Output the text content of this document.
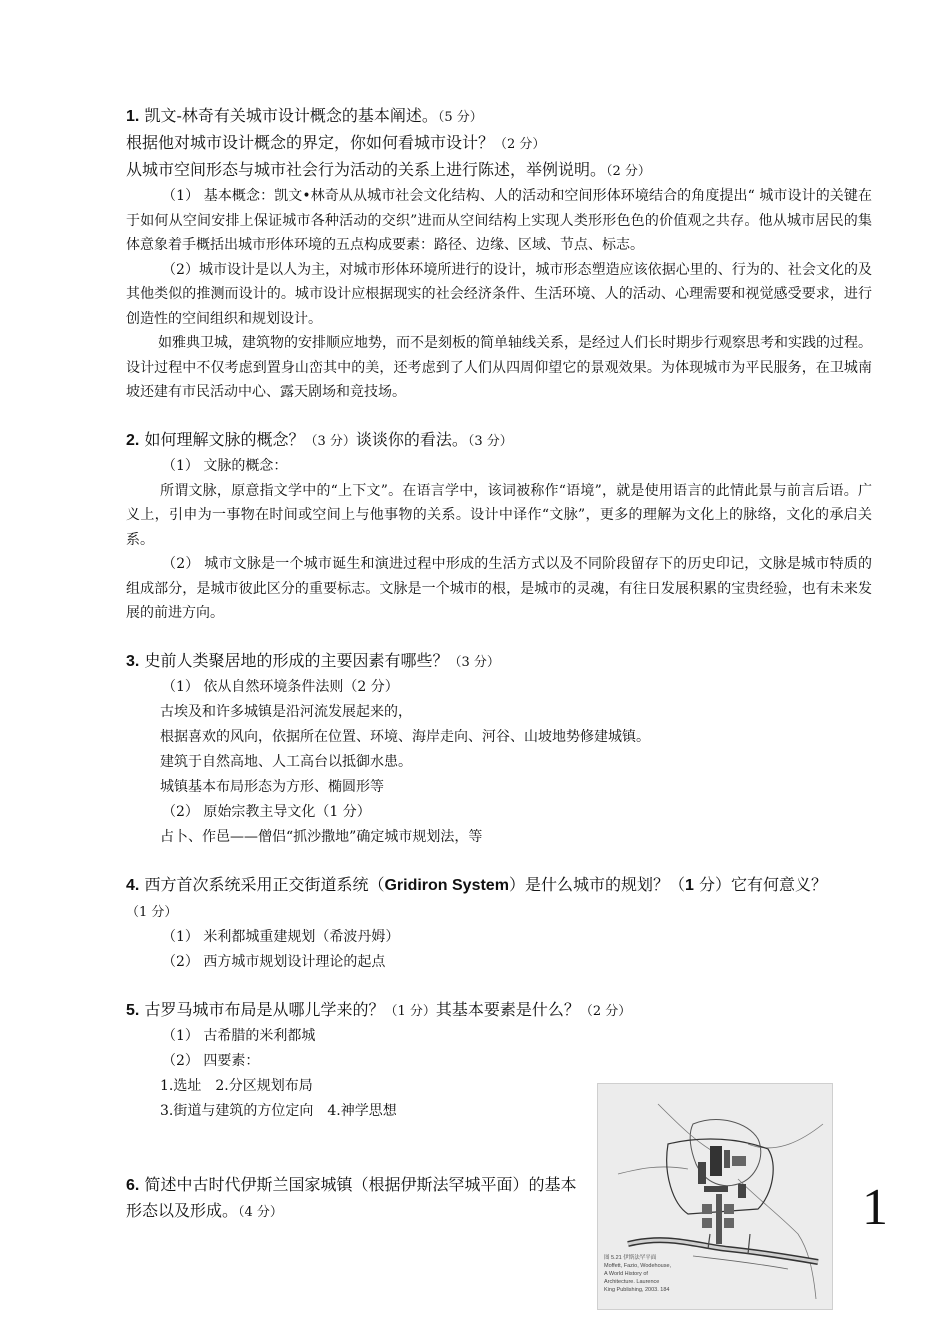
1. 凯文-林奇有关城市设计概念的基本阐述。（5 分）
根据他对城市设计概念的界定，你如何看城市设计？（2 分）
从城市空间形态与城市社会行为活动的关系上进行陈述，举例说明。（2 分）
（1） 基本概念：凯文•林奇从从城市社会文化结构、人的活动和空间形体环境结合的角度提出“ 城市设计的关键在于如何从空间安排上保证城市各种活动的交织”进而从空间结构上实现人类形形色色的价值观之共存。他从城市居民的集体意象着手概括出城市形体环境的五点构成要素：路径、边缘、区域、节点、标志。
（2）城市设计是以人为主，对城市形体环境所进行的设计，城市形态塑造应该依据心里的、行为的、社会文化的及其他类似的推测而设计的。城市设计应根据现实的社会经济条件、生活环境、人的活动、心理需要和视觉感受要求，进行创造性的空间组织和规划设计。
如雅典卫城，建筑物的安排顺应地势，而不是刻板的简单轴线关系，是经过人们长时期步行观察思考和实践的过程。设计过程中不仅考虑到置身山峦其中的美，还考虑到了人们从四周仰望它的景观效果。为体现城市为平民服务，在卫城南坡还建有市民活动中心、露天剧场和竞技场。
2. 如何理解文脉的概念？（3 分）谈谈你的看法。（3 分）
（1） 文脉的概念：
所谓文脉，原意指文学中的“上下文”。在语言学中，该词被称作“语境”，就是使用语言的此情此景与前言后语。广义上，引申为一事物在时间或空间上与他事物的关系。设计中译作“文脉”，更多的理解为文化上的脉络，文化的承启关系。
（2） 城市文脉是一个城市诞生和演进过程中形成的生活方式以及不同阶段留存下的历史印记，文脉是城市特质的组成部分，是城市彼此区分的重要标志。文脉是一个城市的根，是城市的灵魂，有往日发展积累的宝贵经验，也有未来发展的前进方向。
3. 史前人类聚居地的形成的主要因素有哪些？（3 分）
（1） 依从自然环境条件法则（2 分）
古埃及和许多城镇是沿河流发展起来的，
根据喜欢的风向，依据所在位置、环境、海岸走向、河谷、山坡地势修建城镇。
建筑于自然高地、人工高台以抵御水患。
城镇基本布局形态为方形、椭圆形等
（2） 原始宗教主导文化（1 分）
占卜、作邑——僧侣“抓沙撒地”确定城市规划法，等
4. 西方首次系统采用正交街道系统（Gridiron System）是什么城市的规划？（1 分）它有何意义？（1 分）
（1） 米利都城重建规划（希波丹姆）
（2） 西方城市规划设计理论的起点
5. 古罗马城市布局是从哪儿学来的？（1 分）其基本要素是什么？（2 分）
（1） 古希腊的米利都城
（2） 四要素：
1.选址　2.分区规划布局
3.街道与建筑的方位定向　4.神学思想
6. 简述中古时代伊斯兰国家城镇（根据伊斯法罕城平面）的基本形态以及形成。（4 分）
图 5.21 伊斯法罕平面
Moffett, Fazio, Wodehouse,
A World History of
Architecture. Laurence
King Publishing, 2003. 184
1
